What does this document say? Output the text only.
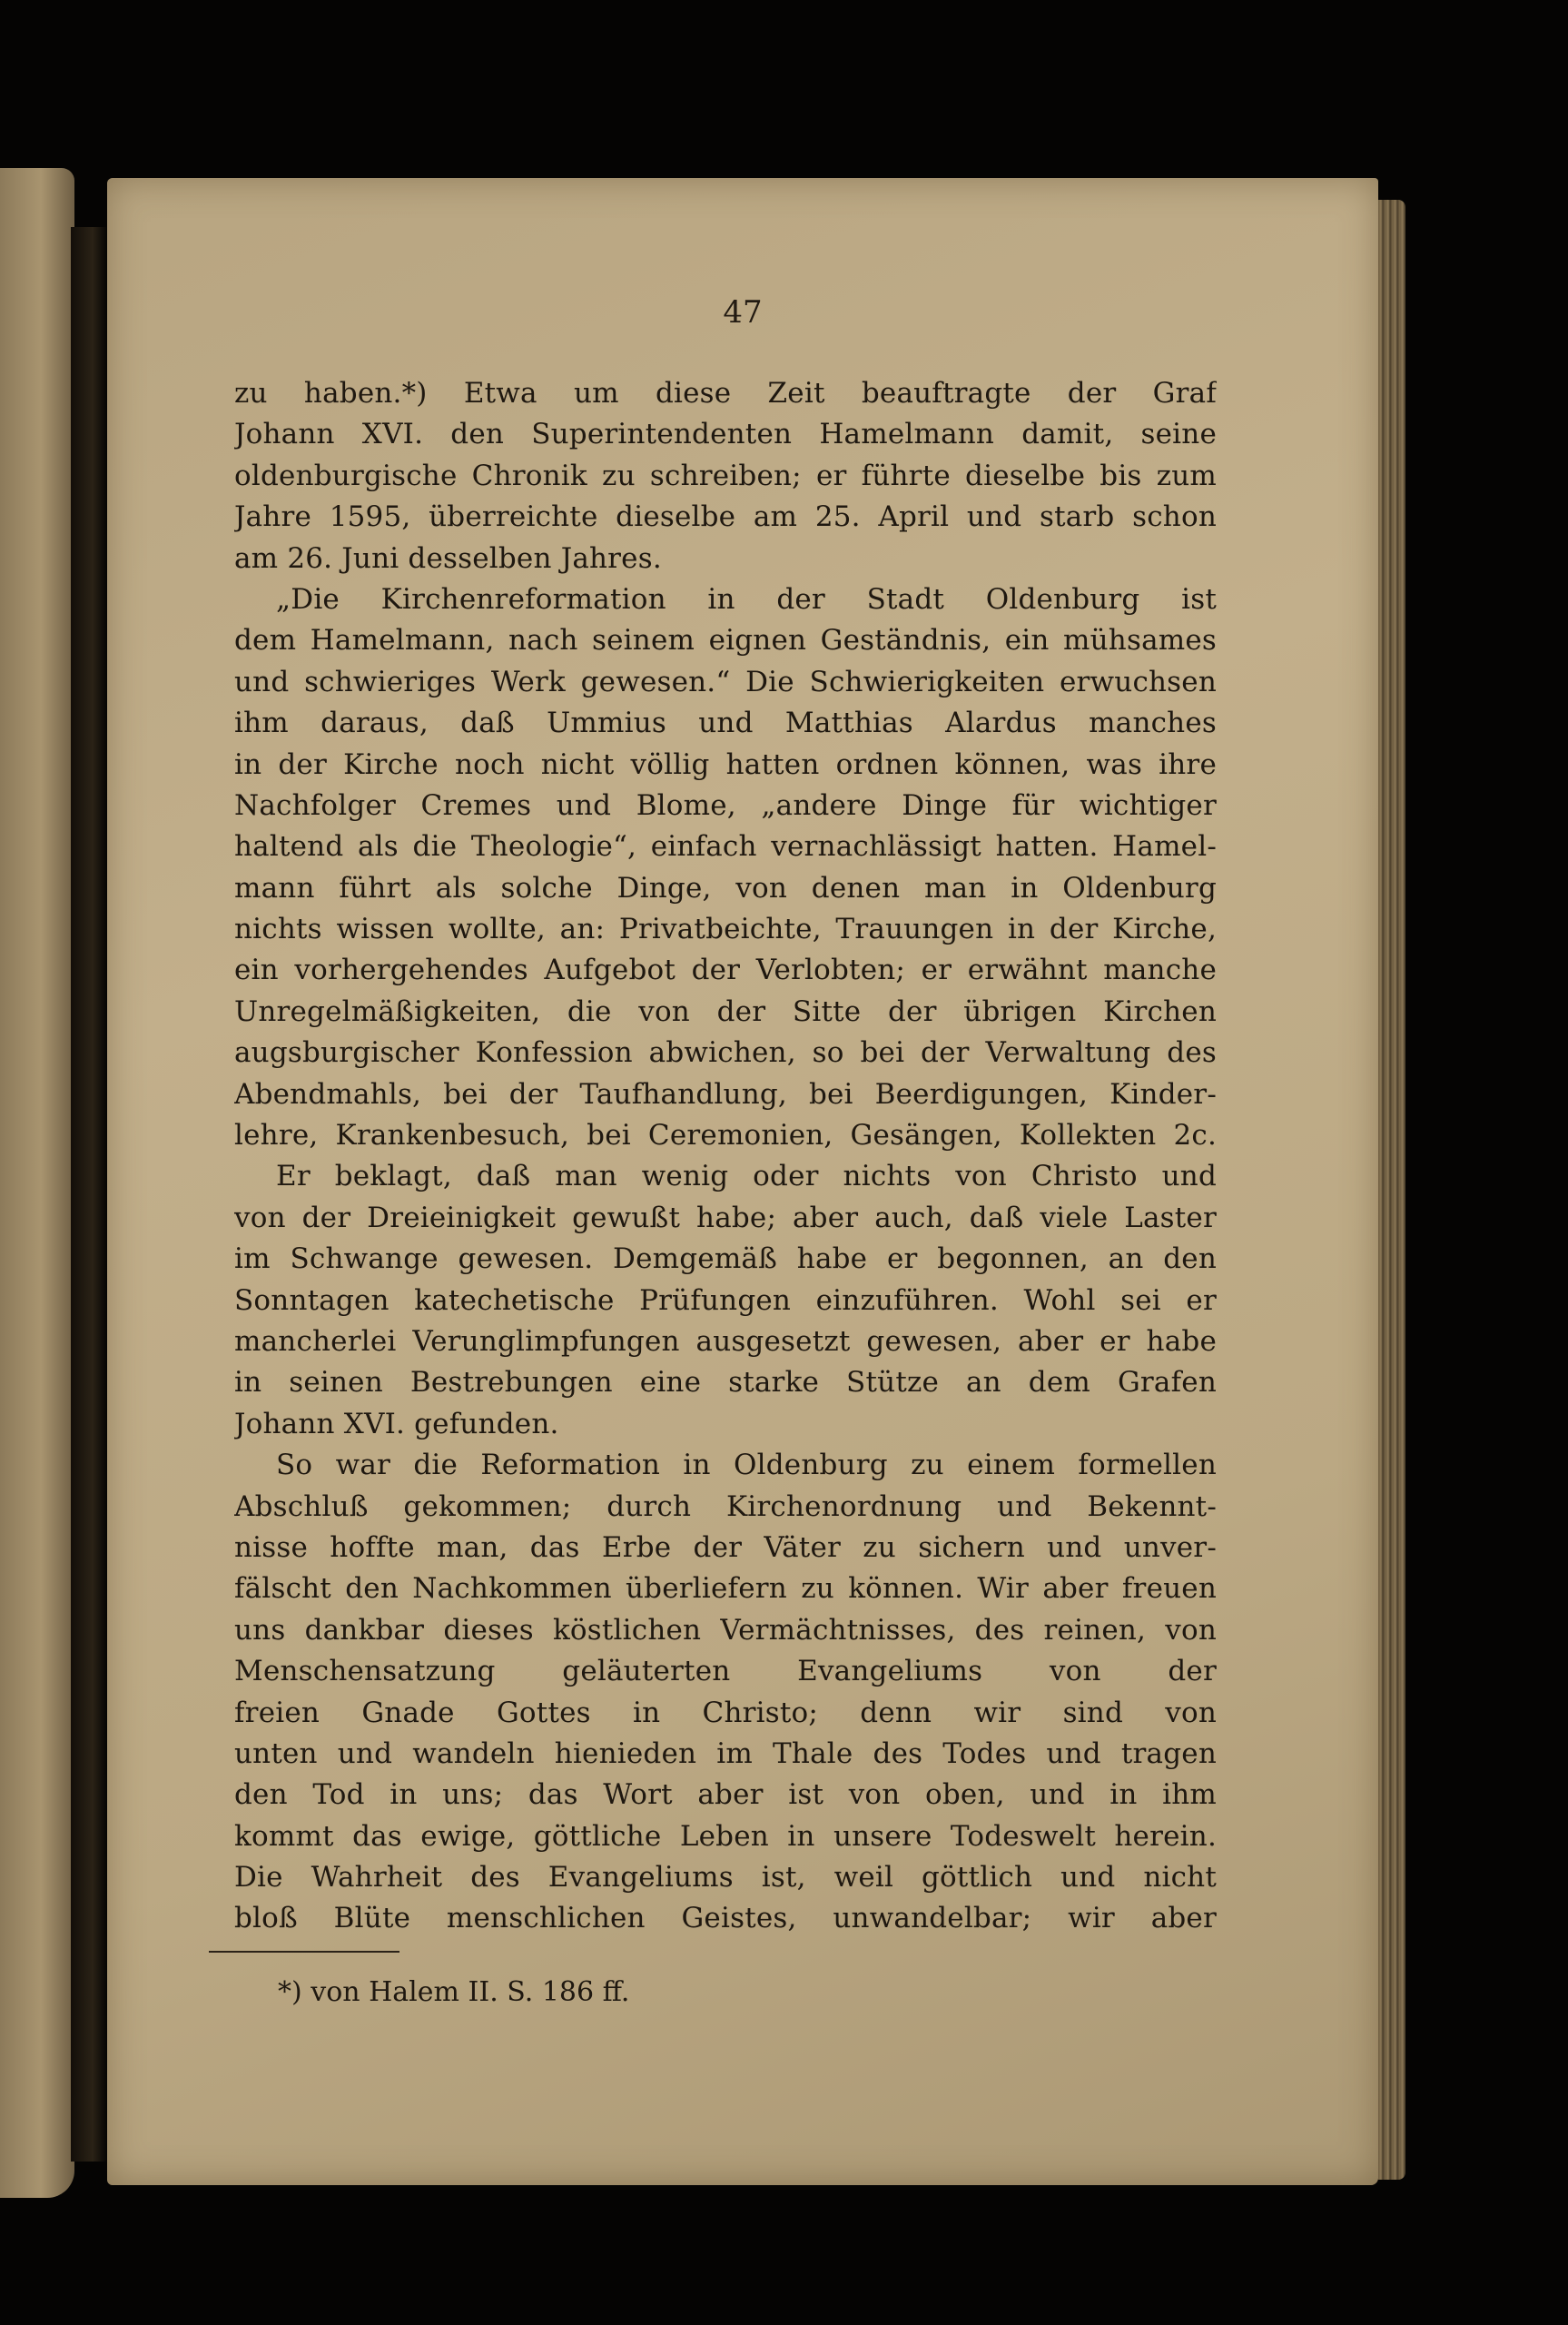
47
zu haben.*) Etwa um diese Zeit beauftragte der Graf
Johann XVI. den Superintendenten Hamelmann damit, seine
oldenburgische Chronik zu schreiben; er führte dieselbe bis zum
Jahre 1595, überreichte dieselbe am 25. April und starb schon
am 26. Juni desselben Jahres.
„Die Kirchenreformation in der Stadt Oldenburg ist
dem Hamelmann, nach seinem eignen Geständnis, ein mühsames
und schwieriges Werk gewesen.“ Die Schwierigkeiten erwuchsen
ihm daraus, daß Ummius und Matthias Alardus manches
in der Kirche noch nicht völlig hatten ordnen können, was ihre
Nachfolger Cremes und Blome, „andere Dinge für wichtiger
haltend als die Theologie“, einfach vernachlässigt hatten. Hamel-
mann führt als solche Dinge, von denen man in Oldenburg
nichts wissen wollte, an: Privatbeichte, Trauungen in der Kirche,
ein vorhergehendes Aufgebot der Verlobten; er erwähnt manche
Unregelmäßigkeiten, die von der Sitte der übrigen Kirchen
augsburgischer Konfession abwichen, so bei der Verwaltung des
Abendmahls, bei der Taufhandlung, bei Beerdigungen, Kinder-
lehre, Krankenbesuch, bei Ceremonien, Gesängen, Kollekten 2c.
Er beklagt, daß man wenig oder nichts von Christo und
von der Dreieinigkeit gewußt habe; aber auch, daß viele Laster
im Schwange gewesen. Demgemäß habe er begonnen, an den
Sonntagen katechetische Prüfungen einzuführen. Wohl sei er
mancherlei Verunglimpfungen ausgesetzt gewesen, aber er habe
in seinen Bestrebungen eine starke Stütze an dem Grafen
Johann XVI. gefunden.
So war die Reformation in Oldenburg zu einem formellen
Abschluß gekommen; durch Kirchenordnung und Bekennt-
nisse hoffte man, das Erbe der Väter zu sichern und unver-
fälscht den Nachkommen überliefern zu können. Wir aber freuen
uns dankbar dieses köstlichen Vermächtnisses, des reinen, von
Menschensatzung geläuterten Evangeliums von der
freien Gnade Gottes in Christo; denn wir sind von
unten und wandeln hienieden im Thale des Todes und tragen
den Tod in uns; das Wort aber ist von oben, und in ihm
kommt das ewige, göttliche Leben in unsere Todeswelt herein.
Die Wahrheit des Evangeliums ist, weil göttlich und nicht
bloß Blüte menschlichen Geistes, unwandelbar; wir aber
*) von Halem II. S. 186 ff.
